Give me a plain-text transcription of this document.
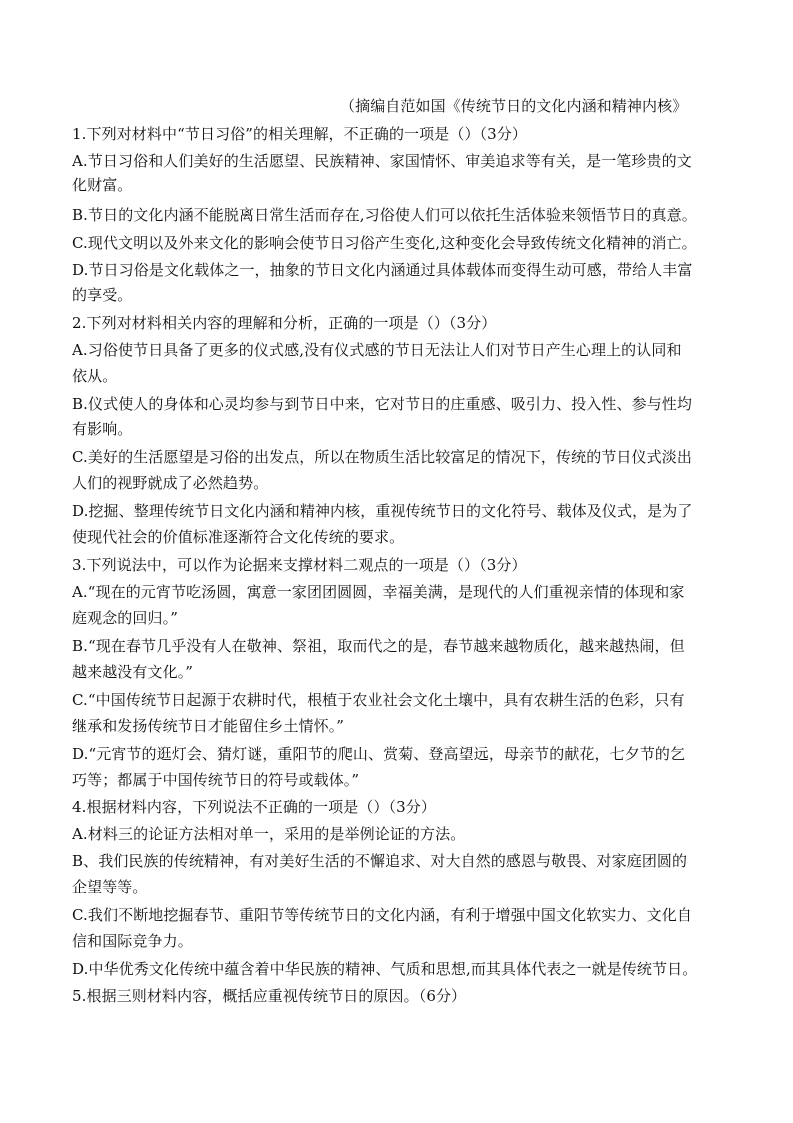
（摘编自范如国《传统节日的文化内涵和精神内核》
1.下列对材料中“节日习俗”的相关理解，不正确的一项是（）（3分）
A.节日习俗和人们美好的生活愿望、民族精神、家国情怀、审美追求等有关，是一笔珍贵的文
化财富。
B.节日的文化内涵不能脱离日常生活而存在,习俗使人们可以依托生活体验来领悟节日的真意。
C.现代文明以及外来文化的影响会使节日习俗产生变化,这种变化会导致传统文化精神的消亡。
D.节日习俗是文化载体之一，抽象的节日文化内涵通过具体载体而变得生动可感，带给人丰富
的享受。
2.下列对材料相关内容的理解和分析，正确的一项是（）（3分）
A.习俗使节日具备了更多的仪式感,没有仪式感的节日无法让人们对节日产生心理上的认同和
依从。
B.仪式使人的身体和心灵均参与到节日中来，它对节日的庄重感、吸引力、投入性、参与性均
有影响。
C.美好的生活愿望是习俗的出发点，所以在物质生活比较富足的情况下，传统的节日仪式淡出
人们的视野就成了必然趋势。
D.挖掘、整理传统节日文化内涵和精神内核，重视传统节日的文化符号、载体及仪式，是为了
使现代社会的价值标准逐渐符合文化传统的要求。
3.下列说法中，可以作为论据来支撑材料二观点的一项是（）（3分）
A.“现在的元宵节吃汤圆，寓意一家团团圆圆，幸福美满，是现代的人们重视亲情的体现和家
庭观念的回归。”
B.“现在春节几乎没有人在敬神、祭祖，取而代之的是，春节越来越物质化，越来越热闹，但
越来越没有文化。”
C.“中国传统节日起源于农耕时代，根植于农业社会文化土壤中，具有农耕生活的色彩，只有
继承和发扬传统节日才能留住乡土情怀。”
D.“元宵节的逛灯会、猜灯谜，重阳节的爬山、赏菊、登高望远，母亲节的献花，七夕节的乞
巧等；都属于中国传统节日的符号或载体。”
4.根据材料内容，下列说法不正确的一项是（）（3分）
A.材料三的论证方法相对单一，采用的是举例论证的方法。
B、我们民族的传统精神，有对美好生活的不懈追求、对大自然的感恩与敬畏、对家庭团圆的
企望等等。
C.我们不断地挖掘春节、重阳节等传统节日的文化内涵，有利于增强中国文化软实力、文化自
信和国际竞争力。
D.中华优秀文化传统中蕴含着中华民族的精神、气质和思想,而其具体代表之一就是传统节日。
5.根据三则材料内容，概括应重视传统节日的原因。（6分）
